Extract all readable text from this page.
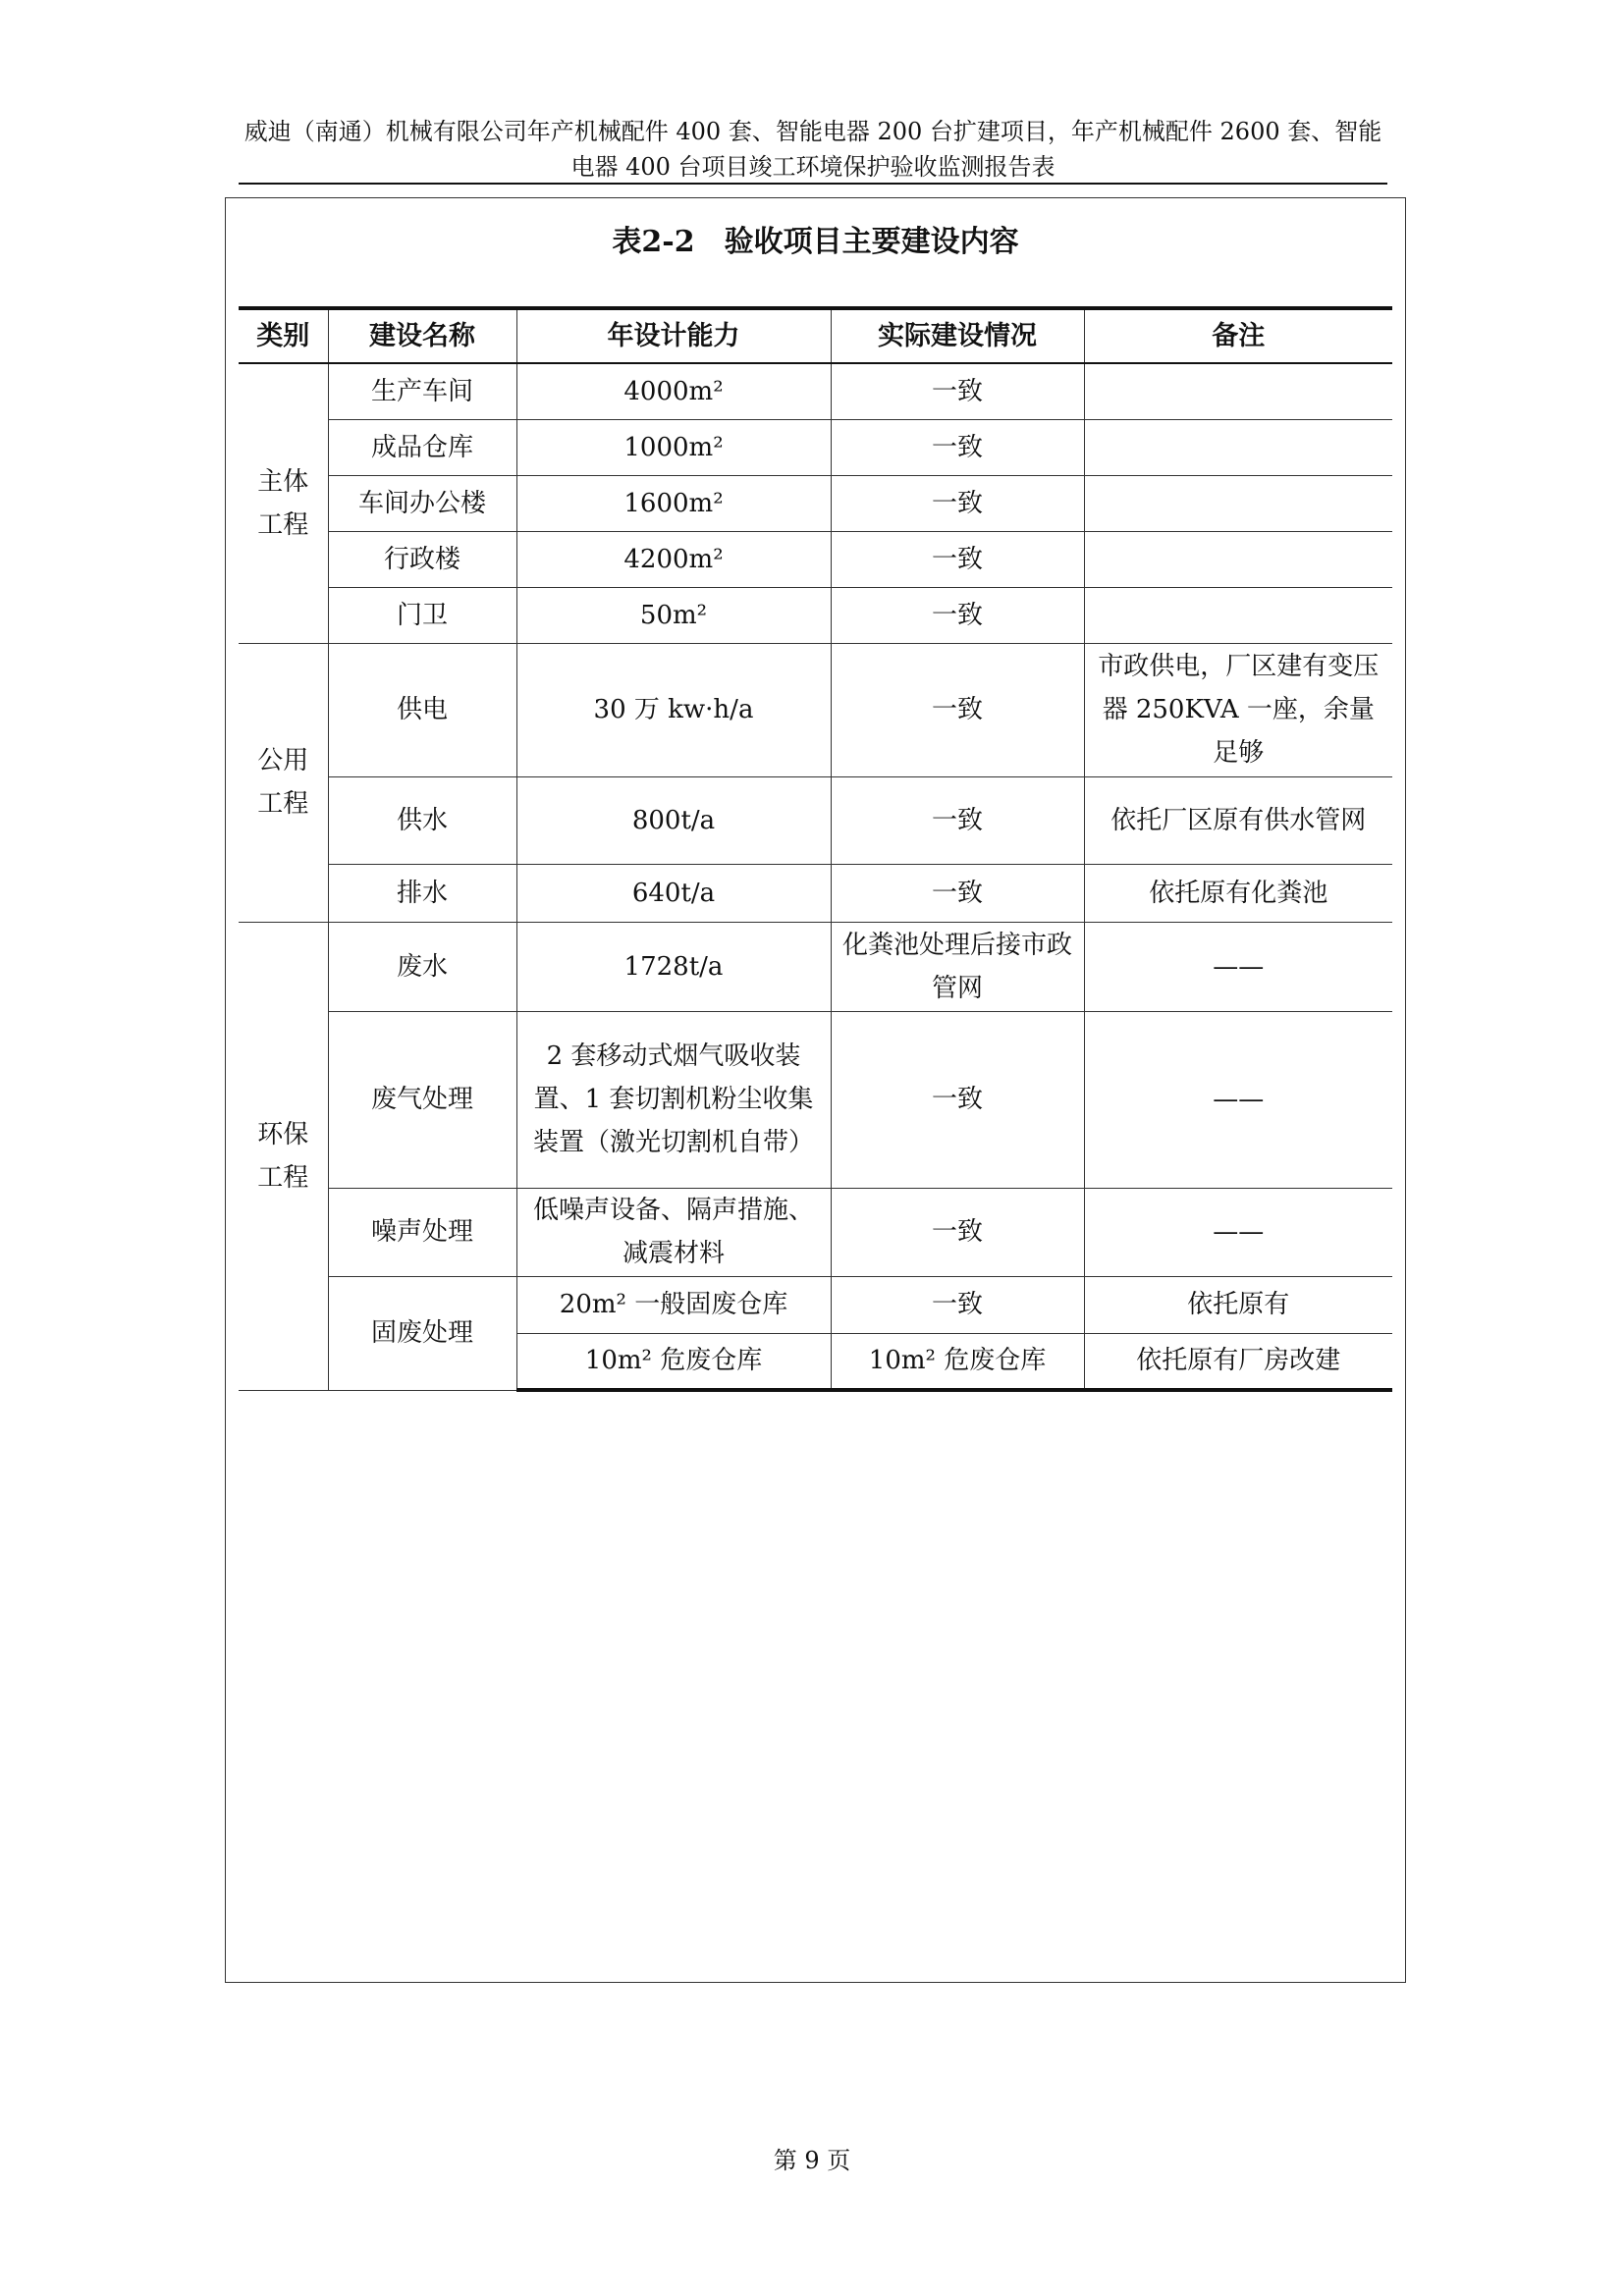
威迪（南通）机械有限公司年产机械配件 400 套、智能电器 200 台扩建项目，年产机械配件 2600 套、智能
电器 400 台项目竣工环境保护验收监测报告表
表2-2　验收项目主要建设内容
类别	建设名称	年设计能力	实际建设情况	备注
主体
工程	生产车间	4000m²	一致	
	成品仓库	1000m²	一致	
	车间办公楼	1600m²	一致	
	行政楼	4200m²	一致	
	门卫	50m²	一致	
公用
工程	供电	30 万 kw·h/a	一致	市政供电，厂区建有变压器 250KVA 一座，余量足够
	供水	800t/a	一致	依托厂区原有供水管网
	排水	640t/a	一致	依托原有化粪池
环保
工程	废水	1728t/a	化粪池处理后接市政管网	——
	废气处理	2 套移动式烟气吸收装置、1 套切割机粉尘收集装置（激光切割机自带）	一致	——
	噪声处理	低噪声设备、隔声措施、减震材料	一致	——
	固废处理	20m² 一般固废仓库	一致	依托原有
		10m² 危废仓库	10m² 危废仓库	依托原有厂房改建
第 9 页
